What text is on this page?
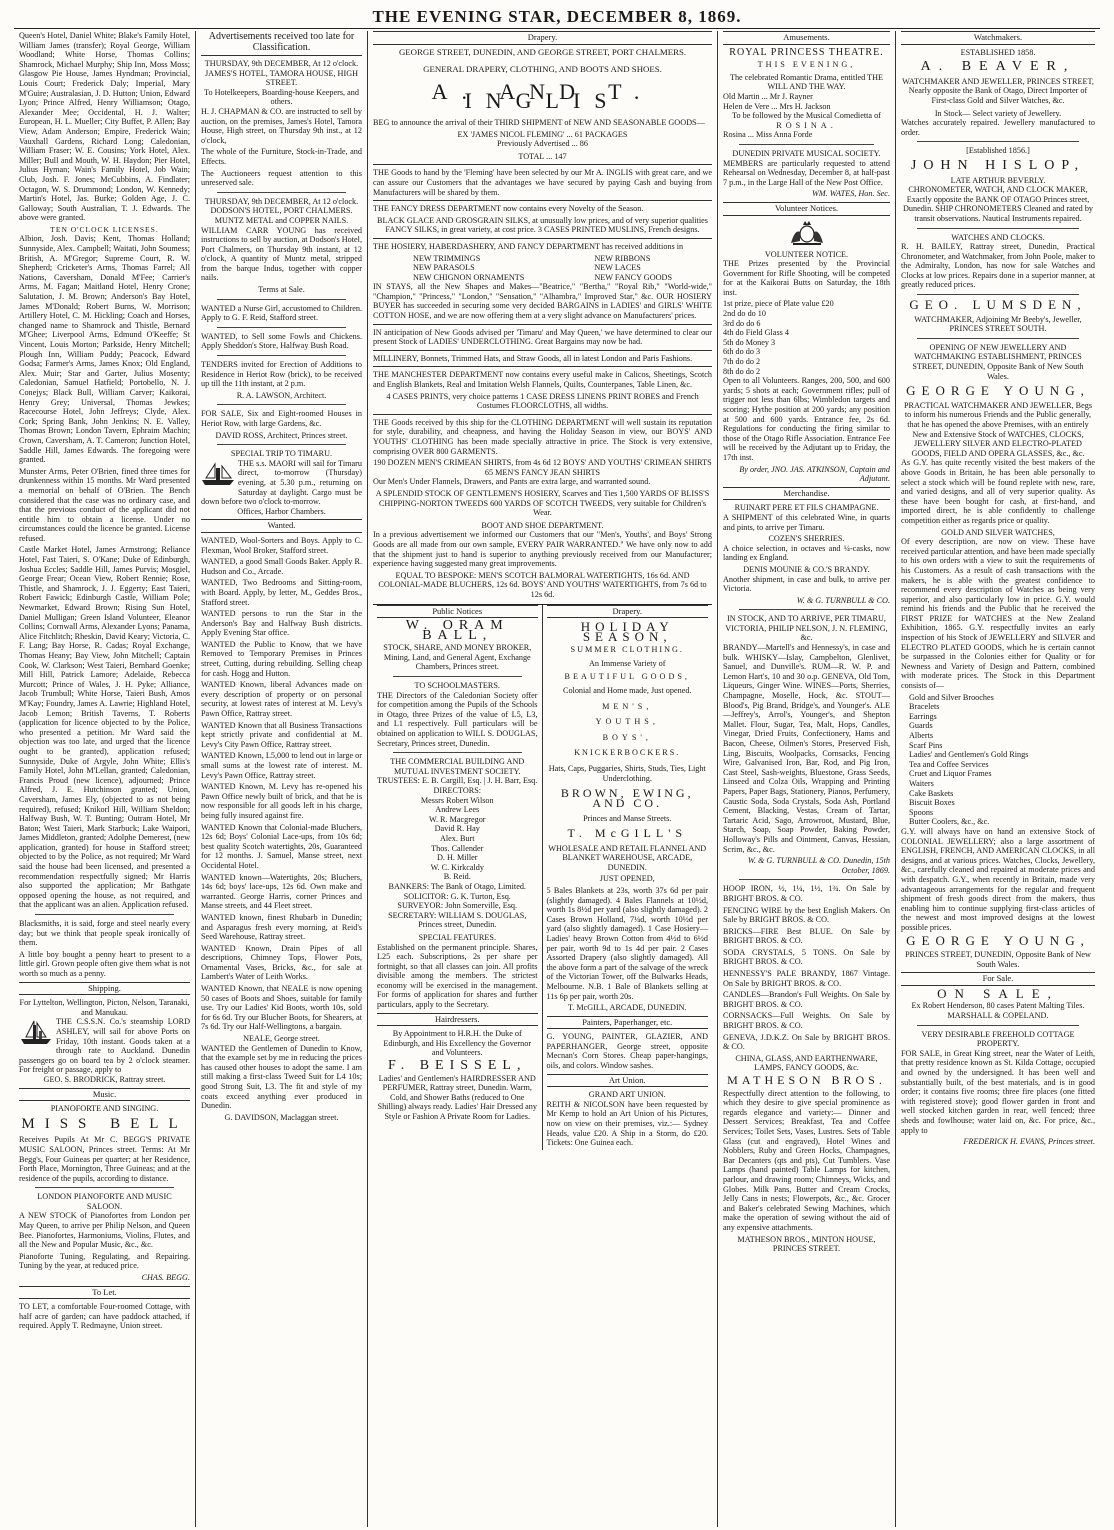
THE EVENING STAR, DECEMBER 8, 1869.

Queen's Hotel, Daniel White; Blake's Family Hotel, William James (transfer); Royal George, William Woodland; White Horse, Thomas Collins; Shamrock, Michael Murphy; Ship Inn, Moss Moss; Glasgow Pie House, James Hyndman; Provincial, Louis Court; Frederick Daly; Imperial, Mary M'Guire; Australasian, J. D. Hutton; Union, Edward Lyon; Prince Alfred, Henry Williamson; Otago, Alexander Mee; Occidental, H. J. Walter; European, H. L. Mueller; City Buffet, P. Allen; Bay View, Adam Anderson; Empire, Frederick Wain; Vauxhall Gardens, Richard Long; Caledonian, William Fraser; W. E. Cousins; York Hotel, Alex. Miller; Bull and Mouth, W. H. Haydon; Pier Hotel, Julius Hyman; Wain's Family Hotel, Job Wain; Club, Josh. F. Jones; McCubbins, A. Findlater; Octagon, W. S. Drummond; London, W. Kennedy; Martin's Hotel, Jas. Burke; Golden Age, J. C. Galloway; South Australian, T. J. Edwards. The above were granted.

TEN O'CLOCK LICENSES.

Albion, Josh. Davis; Kent, Thomas Holland; Sunnyside, Alex. Campbell; Waitati, John Soumess; British, A. M'Gregor; Supreme Court, R. W. Shepherd; Cricketer's Arms, Thomas Farrel; All Nations, Caversham, Donald M'Fee; Carrier's Arms, M. Fagan; Maitland Hotel, Henry Crone; Salutation, J. M. Brown; Anderson's Bay Hotel, James M'Donald; Robert Burns, W. Morrison; Artillery Hotel, C. M. Hickling; Coach and Horses, changed name to Shamrock and Thistle, Bernard M'Ghee; Liverpool Arms, Edmund O'Keeffe; St Vincent, Louis Morton; Parkside, Henry Mitchell; Plough Inn, William Puddy; Peacock, Edward Godsa; Farmer's Arms, James Knox; Old England, Alex. Muir; Star and Garter, Julius Mosenty; Caledonian, Samuel Hatfield; Portobello, N. J. Conejys; Black Bull, William Carver; Kaikorai, Henry Grey; Universal, Thomas Jewkes; Racecourse Hotel, John Jeffreys; Clyde, Alex. Cork; Spring Bank, John Jenkins; N. E. Valley, Thomas Brown; London Tavern, Ephraim Machin; Crown, Caversham, A. T. Cameron; Junction Hotel, Saddle Hill, James Edwards. The foregoing were granted.

Munster Arms, Peter O'Brien, fined three times for drunkenness within 15 months. Mr Ward presented a memorial on behalf of O'Brien. The Bench considered that the case was no ordinary case, and that the previous conduct of the applicant did not entitle him to obtain a license. Under no circumstances could the licence be granted. License refused.

Castle Market Hotel, James Armstrong; Reliance Hotel, Fast Taieri, S. O'Kane; Duke of Edinburgh, Joshua Eccles; Saddle Hill, James Purvis; Mosgiel, George Frear; Ocean View, Robert Rennie; Rose, Thistle, and Shamrock, J. J. Eggerty; East Taieri, Robert Fawick; Edinburgh Castle, William Pole; Newmarket, Edward Brown; Rising Sun Hotel, Daniel Mulligan; Green Island Volunteer, Eleanor Collins; Cornwall Arms, Alexander Lyons; Panama, Alice Fitchlitch; Rheskin, David Keary; Victoria, C. F. Lang; Bay Horse, R. Cadas; Royal Exchange, Thomas Heany; Bay View, John Mitchell; Captain Cook, W. Clarkson; West Taieri, Bernhard Goenke; Mill Hill, Patrick Lamore; Adelaide, Rebecca Murcott; Prince of Wales, J. H. Pyke; Alliance, Jacob Trumbull; White Horse, Taieri Bush, Amos M'Kay; Foundry, James A. Lawrie; Highland Hotel, Jacob Lemon; British Taverns, T. Roberts (application for licence objected to by the Police, who presented a petition. Mr Ward said the objection was too late, and urged that the licence ought to be granted), application refused; Sunnyside, Duke of Argyle, John White; Ellis's Family Hotel, John M'Lellan, granted; Caledonian, Francis Proud (new licence), adjourned; Prince Alfred, J. E. Hutchinson granted; Union, Caversham, James Ely, (objected to as not being required), refused; Knikorl Hill, William Sheldon; Halfway Bush, W. T. Bunting; Outram Hotel, Mr Baton; West Taieri, Mark Starbuck; Lake Waipori, James Middleton, granted; Adolphe Demerest, (new application, granted) for house in Stafford street; objected to by the Police, as not required; Mr Ward said the house had been licensed, and presented a recommendation respectfully signed; Mr Harris also supported the application; Mr Bathgate opposed opening the house, as not required, and that the applicant was an alien. Application refused.

Blacksmiths, it is said, forge and steel nearly every day; but we think that people speak ironically of them.

A little boy bought a penny heart to present to a little girl. Grown people often give them what is not worth so much as a penny.

Shipping.
For Lyttelton, Wellington, Picton, Nelson, Taranaki, and Manukau.
THE C.S.S.N. Co.'s steamship LORD ASHLEY, will sail for above Ports on Friday, 10th instant. Goods taken at a through rate to Auckland. Dunedin passengers go on board tea by 2 o'clock steamer. For freight or passage, apply to
GEO. S. BRODRICK, Rattray street.
Music.
PIANOFORTE AND SINGING.
MISS BELL

Receives Pupils At Mr C. BEGG'S PRIVATE MUSIC SALOON, Princes street. Terms: At Mr Begg's, Four Guineas per quarter; at her Residence, Forth Place, Mornington, Three Guineas; and at the residence of the pupils, according to distance.

LONDON PIANOFORTE AND MUSIC SALOON.

A NEW STOCK of Pianofortes from London per May Queen, to arrive per Philip Nelson, and Queen Bee. Pianofortes, Harmoniums, Violins, Flutes, and all the New and Popular Music, &c., &c.

Pianoforte Tuning, Regulating, and Repairing. Tuning by the year, at reduced price.

CHAS. BEGG.
To Let.

TO LET, a comfortable Four-roomed Cottage, with half acre of garden; can have paddock attached, if required. Apply T. Redmayne, Union street.

Advertisements received too late for Classification.
THURSDAY, 9th DECEMBER, At 12 o'clock.
JAMES'S HOTEL, TAMORA HOUSE, HIGH STREET.
To Hotelkeepers, Boarding-house Keepers, and others.

H. J. CHAPMAN & CO. are instructed to sell by auction, on the premises, James's Hotel, Tamora House, High street, on Thursday 9th inst., at 12 o'clock,

The whole of the Furniture, Stock-in-Trade, and Effects.

The Auctioneers request attention to this unreserved sale.

THURSDAY, 9th DECEMBER, At 12 o'clock.
DODSON'S HOTEL, PORT CHALMERS.
MUNTZ METAL and COPPER NAILS.

WILLIAM CARR YOUNG has received instructions to sell by auction, at Dodson's Hotel, Port Chalmers, on Thursday 9th instant, at 12 o'clock, A quantity of Muntz metal, stripped from the barque Indus, together with copper nails.

Terms at Sale.

WANTED a Nurse Girl, accustomed to Children. Apply to G. F. Reid, Stafford street.

WANTED, to Sell some Fowls and Chickens. Apply Sheddon's Store, Halfway Bush Road.

TENDERS invited for Erection of Additions to Residence in Heriot Row (brick), to be received up till the 11th instant, at 2 p.m.

R. A. LAWSON, Architect.

FOR SALE, Six and Eight-roomed Houses in Heriot Row, with large Gardens, &c.

DAVID ROSS, Architect, Princes street.
SPECIAL TRIP TO TIMARU.
THE s.s. MAORI will sail for Timaru direct, to-morrow (Thursday) evening, at 5.30 p.m., returning on Saturday at daylight. Cargo must be down before two o'clock to-morrow.
Offices, Harbor Chambers.
Wanted.

WANTED, Wool-Sorters and Boys. Apply to C. Flexman, Wool Broker, Stafford street.

WANTED, a good Small Goods Baker. Apply R. Hudson and Co., Arcade.

WANTED, Two Bedrooms and Sitting-room, with Board. Apply, by letter, M., Geddes Bros., Stafford street.

WANTED persons to run the Star in the Anderson's Bay and Halfway Bush districts. Apply Evening Star office.

WANTED the Public to Know, that we have Removed to Temporary Premises in Princes street, Cutting, during rebuilding. Selling cheap for cash. Hogg and Hutton.

WANTED Known, liberal Advances made on every description of property or on personal security, at lowest rates of interest at M. Levy's Pawn Office, Rattray street.

WANTED Known that all Business Transactions kept strictly private and confidential at M. Levy's City Pawn Office, Rattray street.

WANTED Known, L5,000 to lend out in large or small sums at the lowest rate of interest. M. Levy's Pawn Office, Rattray street.

WANTED Known, M. Levy has re-opened his Pawn Office newly built of brick, and that he is now responsible for all goods left in his charge, being fully insured against fire.

WANTED Known that Colonial-made Bluchers, 12s 6d; Boys' Colonial Lace-ups, from 10s 6d; best quality Scotch watertights, 20s, Guaranteed for 12 months. J. Samuel, Manse street, next Occidental Hotel.

WANTED known—Watertights, 20s; Bluchers, 14s 6d; boys' lace-ups, 12s 6d. Own make and warranted. George Harris, corner Princes and Manse streets, and 44 Fleet street.

WANTED known, finest Rhubarb in Dunedin; and Asparagus fresh every morning, at Reid's Seed Warehouse, Rattray street.

WANTED Known, Drain Pipes of all descriptions, Chimney Tops, Flower Pots, Ornamental Vases, Bricks, &c., for sale at Lambert's Water of Leith Works.

WANTED Known, that NEALE is now opening 50 cases of Boots and Shoes, suitable for family use. Try our Ladies' Kid Boots, worth 10s, sold for 6s 6d. Try our Blucher Boots, for Shearers, at 7s 6d. Try our Half-Wellingtons, a bargain.

NEALE, George street.

WANTED the Gentlemen of Dunedin to Know, that the example set by me in reducing the prices has caused other houses to adopt the same. I am still making a first-class Tweed Suit for L4 10s; good Strong Suit, L3. The fit and style of my coats exceed anything ever produced in Dunedin.

G. DAVIDSON, Maclaggan street.
Drapery.
GEORGE STREET, DUNEDIN, AND GEORGE STREET, PORT CHALMERS.
GENERAL DRAPERY, CLOTHING, AND BOOTS AND SHOES.
A. AND T. INGLIS

BEG to announce the arrival of their THIRD SHIPMENT of NEW AND SEASONABLE GOODS—

EX 'JAMES NICOL FLEMING' ... 61 PACKAGES
Previously Advertised ... 86
TOTAL ... 147

THE Goods to hand by the 'Fleming' have been selected by our Mr A. INGLIS with great care, and we can assure our Customers that the advantages we have secured by paying Cash and buying from Manufacturers will be shared by them.

THE FANCY DRESS DEPARTMENT now contains every Novelty of the Season.

BLACK GLACE AND GROSGRAIN SILKS, at unusually low prices, and of very superior qualities
FANCY SILKS, in great variety, at cost price. 3 CASES PRINTED MUSLINS, French designs.

THE HOSIERY, HABERDASHERY, AND FANCY DEPARTMENT has received additions in

NEW TRIMMINGS
NEW PARASOLS
NEW CHIGNON ORNAMENTS
NEW RIBBONS
NEW LACES
NEW FANCY GOODS

IN STAYS, all the New Shapes and Makes—"Beatrice," "Bertha," "Royal Rib," "World-wide," "Champion," "Princess," "London," "Sensation," "Alhambra," Improved Star," &c. OUR HOSIERY BUYER has succeeded in securing some very decided BARGAINS in LADIES' and GIRLS' WHITE COTTON HOSE, and we are now offering them at a very slight advance on Manufacturers' prices.

IN anticipation of New Goods advised per 'Timaru' and May Queen,' we have determined to clear our present Stock of LADIES' UNDERCLOTHING. Great Bargains may now be had.

MILLINERY, Bonnets, Trimmed Hats, and Straw Goods, all in latest London and Paris Fashions.

THE MANCHESTER DEPARTMENT now contains every useful make in Calicos, Sheetings, Scotch and English Blankets, Real and Imitation Welsh Flannels, Quilts, Counterpanes, Table Linen, &c.

4 CASES PRINTS, very choice patterns 1 CASE DRESS LINENS PRINT ROBES and French Costumes FLOORCLOTHS, all widths.

THE Goods received by this ship for the CLOTHING DEPARTMENT will well sustain its reputation for style, durability, and cheapness, and having the Holiday Season in view, our BOYS' AND YOUTHS' CLOTHING has been made specially attractive in price. The Stock is very extensive, comprising OVER 800 GARMENTS.

190 DOZEN MEN'S CRIMEAN SHIRTS, from 4s 6d 12 BOYS' AND YOUTHS' CRIMEAN SHIRTS 65 MEN'S FANCY JEAN SHIRTS

Our Men's Under Flannels, Drawers, and Pants are extra large, and warranted sound.

A SPLENDID STOCK OF GENTLEMEN'S HOSIERY, Scarves and Ties 1,500 YARDS OF BLISS'S CHIPPING-NORTON TWEEDS 600 YARDS OF SCOTCH TWEEDS, very suitable for Children's Wear.
BOOT AND SHOE DEPARTMENT.

In a previous advertisement we informed our Customers that our "Men's, Youths', and Boys' Strong Goods are all made from our own sample, EVERY PAIR WARRANTED." We have only now to add that the shipment just to hand is superior to anything previously received from our Manufacturer; experience having suggested many great improvements.

EQUAL TO BESPOKE: MEN'S SCOTCH BALMORAL WATERTIGHTS, 16s 6d. AND COLONIAL-MADE BLUCHERS, 12s 6d. BOYS' AND YOUTHS' WATERTIGHTS, from 7s 6d to 12s 6d.
Public Notices
W. ORAM BALL,
STOCK, SHARE, AND MONEY BROKER, Mining, Land, and General Agent, Exchange Chambers, Princes street.
TO SCHOOLMASTERS.

THE Directors of the Caledonian Society offer for competition among the Pupils of the Schools in Otago, three Prizes of the value of L5, L3, and L1 respectively. Full particulars will be obtained on application to WILL S. DOUGLAS, Secretary, Princes street, Dunedin.

THE COMMERCIAL BUILDING AND MUTUAL INVESTMENT SOCIETY.
TRUSTEES: E. B. Cargill, Esq. | J. H. Barr, Esq.
DIRECTORS:
Messrs Robert Wilson
Andrew Lees
W. R. Macgregor
David R. Hay
Alex. Burt
Thos. Callender
D. H. Miller
W. C. Kirkcaldy
B. Reid.
BANKERS: The Bank of Otago, Limited.
SOLICITOR: G. K. Turton, Esq.
SURVEYOR: John Somerville, Esq.
SECRETARY: WILLIAM S. DOUGLAS, Princes street, Dunedin.
SPECIAL FEATURES.

Established on the permanent principle. Shares, L25 each. Subscriptions, 2s per share per fortnight, so that all classes can join. All profits divisible among the members. The strictest economy will be exercised in the management. For forms of application for shares and further particulars, apply to the Secretary.

Hairdressers.
By Appointment to H.R.H. the Duke of Edinburgh, and His Excellency the Governor and Volunteers.
F. BEISSEL,
Ladies' and Gentlemen's HAIRDRESSER AND PERFUMER, Rattray street, Dunedin. Warm, Cold, and Shower Baths (reduced to One Shilling) always ready. Ladies' Hair Dressed any Style or Fashion A Private Room for Ladies.
Drapery.
HOLIDAY SEASON,
SUMMER CLOTHING.
An Immense Variety of
BEAUTIFUL GOODS,
Colonial and Home made, Just opened.
MEN'S,
YOUTHS,
BOYS',
KNICKERBOCKERS.
Hats, Caps, Puggaries, Shirts, Studs, Ties, Light Underclothing.
BROWN, EWING, AND CO.
Princes and Manse Streets.
T. McGILL'S
WHOLESALE AND RETAIL FLANNEL AND BLANKET WAREHOUSE, ARCADE, DUNEDIN.
JUST OPENED,

5 Bales Blankets at 23s, worth 37s 6d per pair (slightly damaged). 4 Bales Flannels at 10½d, worth 1s 8½d per yard (also slightly damaged). 2 Cases Brown Holland, 7¼d, worth 10½d per yard (also slightly damaged). 1 Case Hosiery—Ladies' heavy Brown Cotton from 4½d to 6½d per pair, worth 9d to 1s 4d per pair. 2 Cases Assorted Drapery (also slightly damaged). All the above form a part of the salvage of the wreck of the Victorian Tower, off the Bulwarks Heads, Melbourne. N.B. 1 Bale of Blankets selling at 11s 6p per pair, worth 20s.

T. McGILL, ARCADE, DUNEDIN.
Painters, Paperhanger, etc.

G. YOUNG, PAINTER, GLAZIER, AND PAPERHANGER, George street, opposite Mecnan's Corn Stores. Cheap paper-hangings, oils, and colors. Window sashes.

Art Union.
GRAND ART UNION.

REITH & NICOLSON have been requested by Mr Kemp to hold an Art Union of his Pictures, now on view on their premises, viz.:— Sydney Heads, value £20. A Ship in a Storm, do £20. Tickets: One Guinea each.

Amusements.
ROYAL PRINCESS THEATRE.
THIS EVENING,
The celebrated Romantic Drama, entitled THE WILL AND THE WAY.
Old Martin ... Mr J. Rayner
Helen de Vere ... Mrs H. Jackson
To be followed by the Musical Comedietta of
ROSINA.
Rosina ... Miss Anna Forde
DUNEDIN PRIVATE MUSICAL SOCIETY.

MEMBERS are particularly requested to attend Rehearsal on Wednesday, December 8, at half-past 7 p.m., in the Large Hall of the New Post Office.

WM. WATES, Hon. Sec.
Volunteer Notices.
VOLUNTEER NOTICE.

THE Prizes presented by the Provincial Government for Rifle Shooting, will be competed for at the Kaikorai Butts on Saturday, the 18th inst.

1st prize, piece of Plate value £20
2nd do do 10
3rd do do 6
4th do Field Glass 4
5th do Money 3
6th do do 3
7th do do 2
8th do do 2

Open to all Volunteers. Ranges, 200, 500, and 600 yards; 5 shots at each; Government rifles; pull of trigger not less than 6lbs; Wimbledon targets and scoring; Hythe position at 200 yards; any position at 500 and 600 yards. Entrance fee, 2s 6d. Regulations for conducting the firing similar to those of the Otago Rifle Association. Entrance Fee will be received by the Adjutant up to Friday, the 17th inst.

By order, JNO. JAS. ATKINSON, Captain and Adjutant.
Merchandise.
RUINART PERE ET FILS CHAMPAGNE.

A SHIPMENT of this celebrated Wine, in quarts and pints, to arrive per Timaru.

COZEN'S SHERRIES.

A choice selection, in octaves and ¼-casks, now landing ex England.

DENIS MOUNIE & CO.'S BRANDY.

Another shipment, in case and bulk, to arrive per Victoria.

W. & G. TURNBULL & CO.
IN STOCK, AND TO ARRIVE, PER TIMARU, VICTORIA, PHILIP NELSON, J. N. FLEMING, &c.

BRANDY—Martell's and Hennessy's, in case and bulk. WHISKY—Islay, Campbelton, Glenlivet, Sanuel, and Dunville's. RUM—R. W. P. and Lemon Hart's, 10 and 30 o.p. GENEVA, Old Tom, Liqueurs, Ginger Wine. WINES—Ports, Sherries, Champagne, Moselle, Hock, &c. STOUT—Blood's, Pig Brand, Bridge's, and Younger's. ALE—Jeffrey's, Arrol's, Younger's, and Shepton Mallet. Flour, Sugar, Tea, Malt, Hops, Candles, Vinegar, Dried Fruits, Confectionery, Hams and Bacon, Cheese, Oilmen's Stores, Preserved Fish, Ling, Biscuits, Woolpacks, Cornsacks, Fencing Wire, Galvanised Iron, Bar, Rod, and Pig Iron, Cast Steel, Sash-weights, Bluestone, Grass Seeds, Linseed and Colza Oils, Wrapping and Printing Papers, Paper Bags, Stationery, Pianos, Perfumery, Caustic Soda, Soda Crystals, Soda Ash, Portland Cement, Blacking, Vestas, Cream of Tartar, Tartaric Acid, Sago, Arrowroot, Mustard, Blue, Starch, Soap, Soap Powder, Baking Powder, Holloway's Pills and Ointment, Canvas, Hessian, Scrim, &c., &c.

W. & G. TURNBULL & CO. Dunedin, 15th October, 1869.

HOOP IRON, ½, 1¼, 1½, 1¾. On Sale by BRIGHT BROS. & CO.

FENCING WIRE by the best English Makers. On Sale by BRIGHT BROS. & CO.

BRICKS—FIRE Best BLUE. On Sale by BRIGHT BROS. & CO.

SODA CRYSTALS, 5 TONS. On Sale by BRIGHT BROS. & CO.

HENNESSY'S PALE BRANDY, 1867 Vintage. On Sale by BRIGHT BROS. & CO.

CANDLES—Brandon's Full Weights. On Sale by BRIGHT BROS. & CO.

CORNSACKS—Full Weights. On Sale by BRIGHT BROS. & CO.

GENEVA, J.D.K.Z. On Sale by BRIGHT BROS. & CO.

CHINA, GLASS, AND EARTHENWARE, LAMPS, FANCY GOODS, &c.
MATHESON BROS.

Respectfully direct attention to the following, to which they desire to give special prominence as regards elegance and variety:— Dinner and Dessert Services; Breakfast, Tea and Coffee Services; Toilet Sets, Vases, Lustres. Sets of Table Glass (cut and engraved), Hotel Wines and Nobblers, Ruby and Green Hocks, Champagnes, Bar Decanters (qts and pts), Cut Tumblers. Vase Lamps (hand painted) Table Lamps for kitchen, parlour, and drawing room; Chimneys, Wicks, and Globes. Milk Pans, Butter and Cream Crocks, Jelly Cans in nests; Flowerpots, &c., &c. Grocer and Baker's celebrated Sewing Machines, which make the operation of sewing without the aid of any expensive attachments.

MATHESON BROS., MINTON HOUSE, PRINCES STREET.
Watchmakers.
ESTABLISHED 1858.
A. BEAVER,
WATCHMAKER AND JEWELLER, PRINCES STREET, Nearly opposite the Bank of Otago, Direct Importer of First-class Gold and Silver Watches, &c.
In Stock— Select variety of Jewellery.

Watches accurately repaired. Jewellery manufactured to order.

[Established 1856.]
JOHN HISLOP,
LATE ARTHUR BEVERLY.
CHRONOMETER, WATCH, AND CLOCK MAKER, Exactly opposite the BANK OF OTAGO Princes street, Dunedin. SHIP CHRONOMETERS Cleaned and rated by transit observations. Nautical Instruments repaired.
WATCHES AND CLOCKS.

R. H. BAILEY, Rattray street, Dunedin, Practical Chronometer, and Watchmaker, from John Poole, maker to the Admiralty, London, has now for sale Watches and Clocks at low prices. Repairs done in a superior manner, at greatly reduced prices.

GEO. LUMSDEN,
WATCHMAKER, Adjoining Mr Beeby's, Jeweller, PRINCES STREET SOUTH.
OPENING OF NEW JEWELLERY AND WATCHMAKING ESTABLISHMENT, PRINCES STREET, DUNEDIN, Opposite Bank of New South Wales.
GEORGE YOUNG,
PRACTICAL WATCHMAKER AND JEWELLER, Begs to inform his numerous Friends and the Public generally, that he has opened the above Premises, with an entirely New and Extensive Stock of WATCHES, CLOCKS, JEWELLERY SILVER AND ELECTRO-PLATED GOODS, FIELD AND OPERA GLASSES, &c., &c.

As G.Y. has quite recently visited the best makers of the above Goods in Britain, he has been able personally to select a stock which will be found replete with new, rare, and varied designs, and all of very superior quality. As these have been bought for cash, at first-hand, and imported direct, he is able confidently to challenge competition either as regards price or quality.

GOLD AND SILVER WATCHES,

Of every description, are now on view. These have received particular attention, and have been made specially to his own orders with a view to suit the requirements of his Customers. As a result of cash transactions with the makers, he is able with the greatest confidence to recommend every description of Watches as being very superior, and also particularly low in price. G.Y. would remind his friends and the Public that he received the FIRST PRIZE for WATCHES at the New Zealand Exhibition, 1865. G.Y. respectfully invites an early inspection of his Stock of JEWELLERY and SILVER and ELECTRO PLATED GOODS, which he is certain cannot be surpassed in the Colonies either for Quality or for Newness and Variety of Design and Pattern, combined with moderate prices. The Stock in this Department consists of—

Gold and Silver Brooches
Bracelets
Earrings
Guards
Alberts
Scarf Pins
Ladies' and Gentlemen's Gold Rings
Tea and Coffee Services
Cruet and Liquor Frames
Waiters
Cake Baskets
Biscuit Boxes
Spoons
Butter Coolers, &c., &c.

G.Y. will always have on hand an extensive Stock of COLONIAL JEWELLERY; also a large assortment of ENGLISH, FRENCH, AND AMERICAN CLOCKS, in all designs, and at various prices. Watches, Clocks, Jewellery, &c., carefully cleaned and repaired at moderate prices and with despatch. G.Y., when recently in Britain, made very advantageous arrangements for the regular and frequent shipment of fresh goods direct from the makers, thus enabling him to continue supplying first-class articles of the newest and most improved designs at the lowest possible prices.

GEORGE YOUNG,
PRINCES STREET, DUNEDIN, Opposite Bank of New South Wales.
For Sale.
ON SALE,
Ex Robert Henderson, 80 cases Patent Malting Tiles. MARSHALL & COPELAND.
VERY DESIRABLE FREEHOLD COTTAGE PROPERTY.

FOR SALE, in Great King street, near the Water of Leith, that pretty residence known as St. Kilda Cottage, occupied and owned by the undersigned. It has been well and substantially built, of the best materials, and is in good order; it contains five rooms; three fire places (one fitted with registered stove); good flower garden in front and well stocked kitchen garden in rear, well fenced; three sheds and fowlhouse; water laid on, &c. For price, &c., apply to

FREDERICK H. EVANS, Princes street.
